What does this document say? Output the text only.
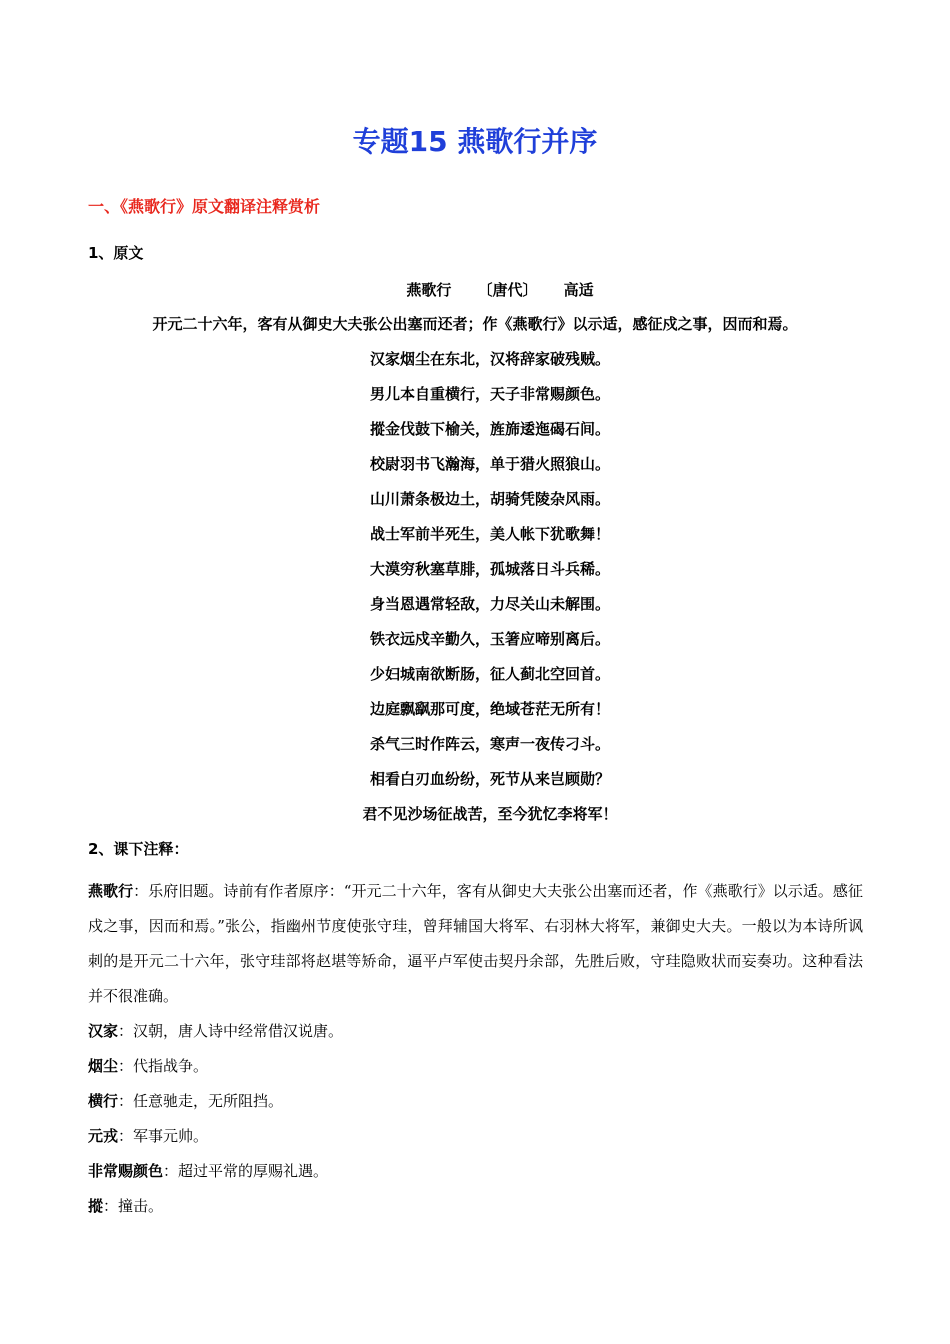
专题15 燕歌行并序
一、《燕歌行》原文翻译注释赏析
1、原文
燕歌行 〔唐代〕 高适
开元二十六年，客有从御史大夫张公出塞而还者；作《燕歌行》以示适，感征戍之事，因而和焉。
汉家烟尘在东北，汉将辞家破残贼。
男儿本自重横行，天子非常赐颜色。
摐金伐鼓下榆关，旌旆逶迤碣石间。
校尉羽书飞瀚海，单于猎火照狼山。
山川萧条极边土，胡骑凭陵杂风雨。
战士军前半死生，美人帐下犹歌舞！
大漠穷秋塞草腓，孤城落日斗兵稀。
身当恩遇常轻敌，力尽关山未解围。
铁衣远戍辛勤久，玉箸应啼别离后。
少妇城南欲断肠，征人蓟北空回首。
边庭飘飖那可度，绝域苍茫无所有！
杀气三时作阵云，寒声一夜传刁斗。
相看白刃血纷纷，死节从来岂顾勋？
君不见沙场征战苦，至今犹忆李将军！
2、课下注释：

燕歌行：乐府旧题。诗前有作者原序：“开元二十六年，客有从御史大夫张公出塞而还者，作《燕歌行》以示适。感征戍之事，因而和焉。”张公，指幽州节度使张守珪，曾拜辅国大将军、右羽林大将军，兼御史大夫。一般以为本诗所讽刺的是开元二十六年，张守珪部将赵堪等矫命，逼平卢军使击契丹余部，先胜后败，守珪隐败状而妄奏功。这种看法并不很准确。

汉家：汉朝，唐人诗中经常借汉说唐。

烟尘：代指战争。

横行：任意驰走，无所阻挡。

元戎：军事元帅。

非常赐颜色：超过平常的厚赐礼遇。

摐：撞击。
